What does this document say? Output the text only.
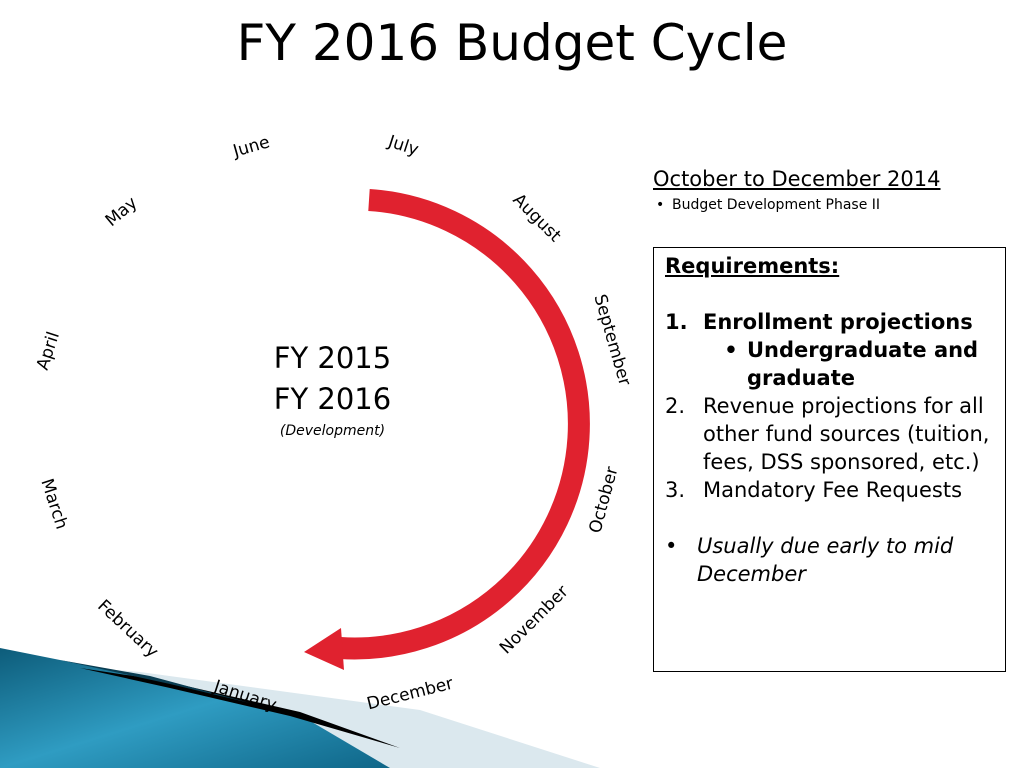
FY 2016 Budget Cycle
July
August
September
October
November
December
January
February
March
April
May
June
FY 2015
FY 2016
(Development)
October to December 2014
• Budget Development Phase II
Requirements:
1. Enrollment projections
• Undergraduate and graduate
2. Revenue projections for all other fund sources (tuition, fees, DSS sponsored, etc.)
3. Mandatory Fee Requests
• Usually due early to mid December
